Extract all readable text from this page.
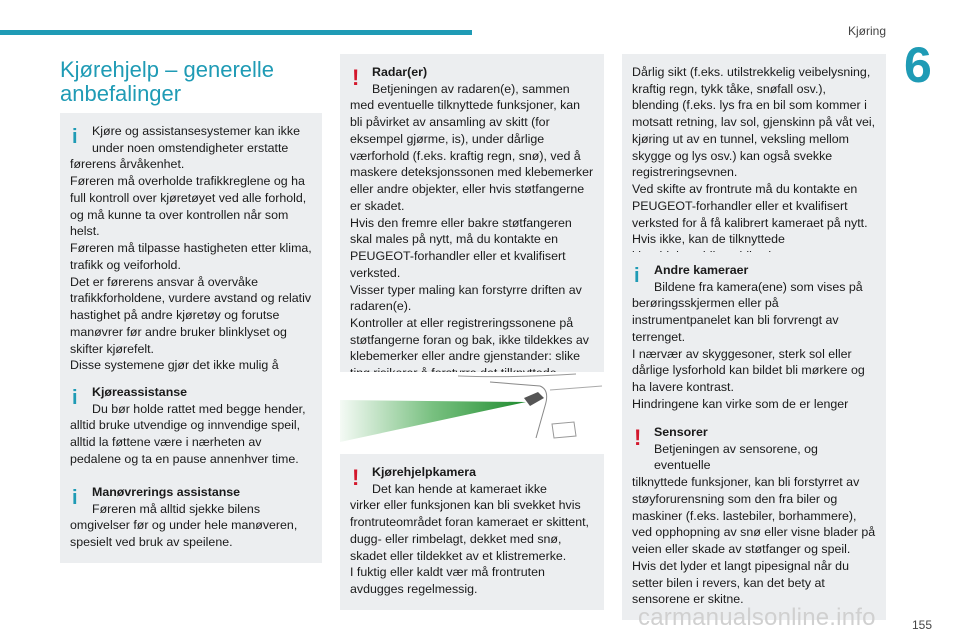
Kjøring
6
Kjørehjelp – generelle anbefalinger
i Kjøre og assistansesystemer kan ikke under noen omstendigheter erstatte
førerens årvåkenhet.
Føreren må overholde trafikkreglene og ha full kontroll over kjøretøyet ved alle forhold, og må kunne ta over kontrollen når som helst.
Føreren må tilpasse hastigheten etter klima, trafikk og veiforhold.
Det er førerens ansvar å overvåke trafikkforholdene, vurdere avstand og relativ hastighet på andre kjøretøy og forutse manøvrer før andre bruker blinklyset og skifter kjørefelt.
Disse systemene gjør det ikke mulig å

i Kjøreassistanse
Du bør holde rattet med begge hender,
alltid bruke utvendige og innvendige speil, alltid la føttene være i nærheten av pedalene og ta en pause annenhver time.

i Manøvrerings assistanse
Føreren må alltid sjekke bilens
omgivelser før og under hele manøveren, spesielt ved bruk av speilene.

! Radar(er)
Betjeningen av radaren(e), sammen
med eventuelle tilknyttede funksjoner, kan bli påvirket av ansamling av skitt (for eksempel gjørme, is), under dårlige værforhold (f.eks. kraftig regn, snø), ved å maskere deteksjonssonen med klebemerker eller andre objekter, eller hvis støtfangerne er skadet.
Hvis den fremre eller bakre støtfangeren skal males på nytt, må du kontakte en PEUGEOT-forhandler eller et kvalifisert verksted.
Visser typer maling kan forstyrre driften av radaren(e).
Kontroller at eller registreringssonene på støtfangerne foran og bak, ikke tildekkes av klebemerker eller andre gjenstander: slike

! Kjørehjelpkamera
Det kan hende at kameraet ikke
virker eller funksjonen kan bli svekket hvis frontruteområdet foran kameraet er skittent, dugg- eller rimbelagt, dekket med snø, skadet eller tildekket av et klistremerke.
I fuktig eller kaldt vær må frontruten avdugges regelmessig.

Dårlig sikt (f.eks. utilstrekkelig veibelysning, kraftig regn, tykk tåke, snøfall osv.), blending (f.eks. lys fra en bil som kommer i motsatt retning, lav sol, gjenskinn på våt vei, kjøring ut av en tunnel, veksling mellom skygge og lys osv.) kan også svekke registreringsevnen.
Ved skifte av frontrute må du kontakte en PEUGEOT-forhandler eller et kvalifisert verksted for å få kalibrert kameraet på nytt. Hvis ikke, kan de tilknyttede

i Andre kameraer
Bildene fra kamera(ene) som vises på
berøringsskjermen eller på instrumentpanelet kan bli forvrengt av terrenget.
I nærvær av skyggesoner, sterk sol eller dårlige lysforhold kan bildet bli mørkere og ha lavere kontrast.
Hindringene kan virke som de er lenger

! Sensorer
Betjeningen av sensorene, og eventuelle
tilknyttede funksjoner, kan bli forstyrret av støyforurensning som den fra biler og maskiner (f.eks. lastebiler, borhammere), ved opphopning av snø eller visne blader på veien eller skade av støtfanger og speil.
Hvis det lyder et langt pipesignal når du setter bilen i revers, kan det bety at sensorene er skitne.

carmanualsonline.info	155
